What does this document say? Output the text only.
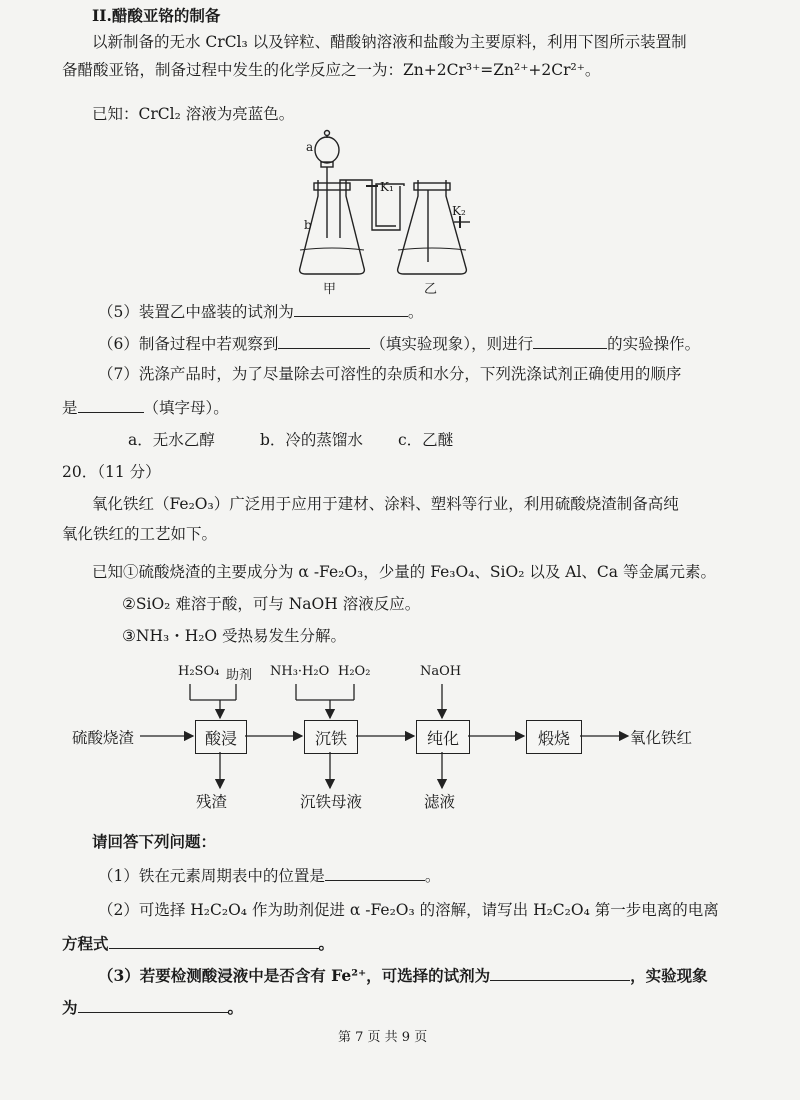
II.醋酸亚铬的制备
以新制备的无水 CrCl₃ 以及锌粒、醋酸钠溶液和盐酸为主要原料，利用下图所示装置制
备醋酸亚铬，制备过程中发生的化学反应之一为：Zn+2Cr³⁺=Zn²⁺+2Cr²⁺。
已知：CrCl₂ 溶液为亮蓝色。
a
b
K₁
K₂
甲	乙
（5）装置乙中盛装的试剂为	。
（6）制备过程中若观察到	（填实验现象），则进行	的实验操作。
（7）洗涤产品时，为了尽量除去可溶性的杂质和水分，下列洗涤试剂正确使用的顺序
是	（填字母）。
a．无水乙醇	b．冷的蒸馏水 c．乙醚
20．（11 分）
氧化铁红（Fe₂O₃）广泛用于应用于建材、涂料、塑料等行业，利用硫酸烧渣制备高纯
氧化铁红的工艺如下。
已知①硫酸烧渣的主要成分为 α -Fe₂O₃，少量的 Fe₃O₄、SiO₂ 以及 Al、Ca 等金属元素。
②SiO₂ 难溶于酸，可与 NaOH 溶液反应。
③NH₃・H₂O 受热易发生分解。
H₂SO₄ 助剂 NH₃·H₂O H₂O₂	NaOH
硫酸烧渣	酸浸	沉铁	纯化	煅烧	氧化铁红
残渣	沉铁母液	滤液
请回答下列问题：
（1）铁在元素周期表中的位置是	。
（2）可选择 H₂C₂O₄ 作为助剂促进 α -Fe₂O₃ 的溶解，请写出 H₂C₂O₄ 第一步电离的电离
方程式	。
（3）若要检测酸浸液中是否含有 Fe²⁺，可选择的试剂为	，实验现象
为	。
第 7 页 共 9 页
